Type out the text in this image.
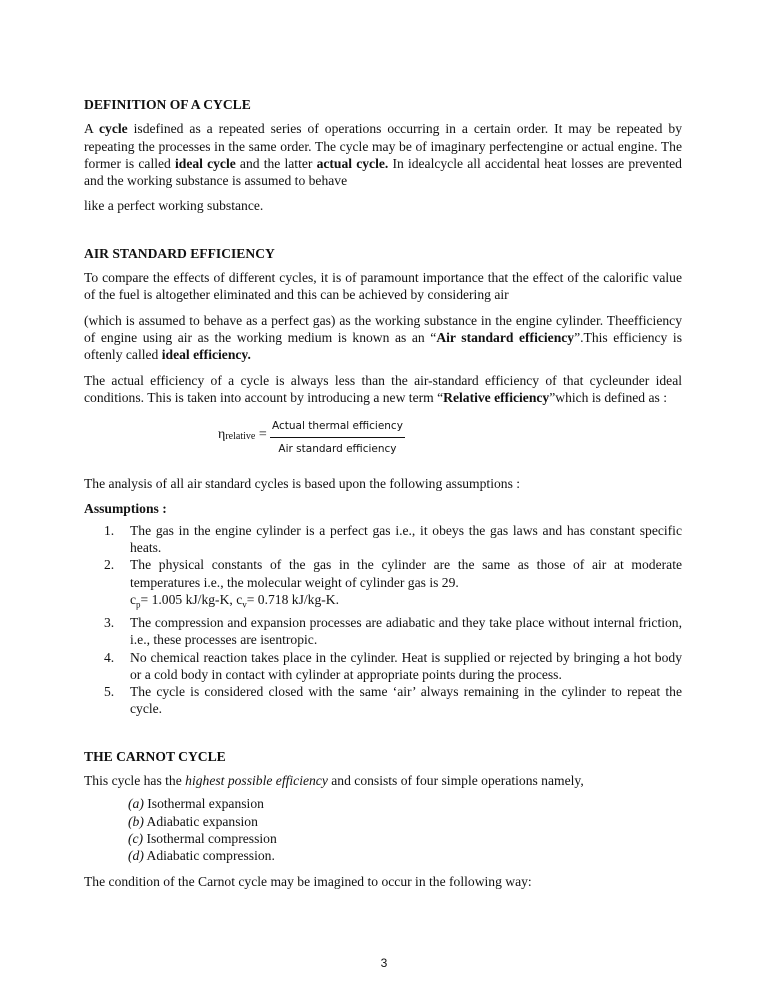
DEFINITION OF A CYCLE

A cycle isdefined as a repeated series of operations occurring in a certain order. It may be repeated by repeating the processes in the same order. The cycle may be of imaginary perfectengine or actual engine. The former is called ideal cycle and the latter actual cycle. In idealcycle all accidental heat losses are prevented and the working substance is assumed to behave

like a perfect working substance.

AIR STANDARD EFFICIENCY

To compare the effects of different cycles, it is of paramount importance that the effect of the calorific value of the fuel is altogether eliminated and this can be achieved by considering air

(which is assumed to behave as a perfect gas) as the working substance in the engine cylinder. Theefficiency of engine using air as the working medium is known as an “Air standard efficiency”.This efficiency is oftenly called ideal efficiency.

The actual efficiency of a cycle is always less than the air-standard efficiency of that cycleunder ideal conditions. This is taken into account by introducing a new term “Relative efficiency”which is defined as :

$\eta_{relative}$ =
Actual thermal efficiency
Air standard efficiency

The analysis of all air standard cycles is based upon the following assumptions :

Assumptions :

1. The gas in the engine cylinder is a perfect gas i.e., it obeys the gas laws and has constant specific heats.
2. The physical constants of the gas in the cylinder are the same as those of air at moderate temperatures i.e., the molecular weight of cylinder gas is 29.
$c_p= 1.005$ kJ/kg-K, $c_v= 0.718$ kJ/kg-K.
3. The compression and expansion processes are adiabatic and they take place without internal friction, i.e., these processes are isentropic.
4. No chemical reaction takes place in the cylinder. Heat is supplied or rejected by bringing a hot body or a cold body in contact with cylinder at appropriate points during the process.
5. The cycle is considered closed with the same ‘air’ always remaining in the cylinder to repeat the cycle.
THE CARNOT CYCLE

This cycle has the highest possible efficiency and consists of four simple operations namely,

(a) Isothermal expansion
(b) Adiabatic expansion
(c) Isothermal compression
(d) Adiabatic compression.

The condition of the Carnot cycle may be imagined to occur in the following way:

3
